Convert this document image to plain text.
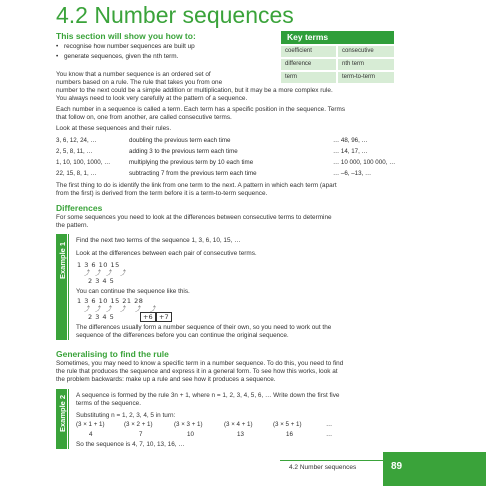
4.2 Number sequences
This section will show you how to:
• recognise how number sequences are built up
• generate sequences, given the nth term.
Key terms
coefficient	consecutive
difference	nth term
term	term-to-term
You know that a number sequence is an ordered set of
numbers based on a rule. The rule that takes you from one
number to the next could be a simple addition or multiplication, but it may be a more complex rule.
You always need to look very carefully at the pattern of a sequence.
Each number in a sequence is called a term. Each term has a specific position in the sequence. Terms
that follow on, one from another, are called consecutive terms.
Look at these sequences and their rules.
3, 6, 12, 24, …	doubling the previous term each time	… 48, 96, …
2, 5, 8, 11, …	adding 3 to the previous term each time	… 14, 17, …
1, 10, 100, 1000, …	multiplying the previous term by 10 each time	… 10 000, 100 000, …
22, 15, 8, 1, …	subtracting 7 from the previous term each time	… –6, –13, …
The first thing to do is identify the link from one term to the next. A pattern in which each term (apart
from the first) is derived from the term before it is a term-to-term sequence.
Differences
For some sequences you need to look at the differences between consecutive terms to determine
the pattern.
Example 1
Find the next two terms of the sequence 1, 3, 6, 10, 15, …
Look at the differences between each pair of consecutive terms.
1 3 6 10 15
⤴ ⤴ ⤴ ⤴
2 3 4 5
You can continue the sequence like this.
1 3 6 10 15 21 28
⤴ ⤴ ⤴ ⤴ ⤴ ⤴
2 3 4 5	+6 +7
The differences usually form a number sequence of their own, so you need to work out the
sequence of the differences before you can continue the original sequence.
Generalising to find the rule
Sometimes, you may need to know a specific term in a number sequence. To do this, you need to find
the rule that produces the sequence and express it in a general form. To see how this works, look at
the problem backwards: make up a rule and see how it produces a sequence.
Example 2 A sequence is formed by the rule 3n + 1, where n = 1, 2, 3, 4, 5, 6, … Write down the first five
terms of the sequence.
Substituting n = 1, 2, 3, 4, 5 in turn:
(3 × 1 + 1)	(3 × 2 + 1)	(3 × 3 + 1)	(3 × 4 + 1)	(3 × 5 + 1)	…
4	7	10	13	16	…
So the sequence is 4, 7, 10, 13, 16, …
4.2 Number sequences	89
